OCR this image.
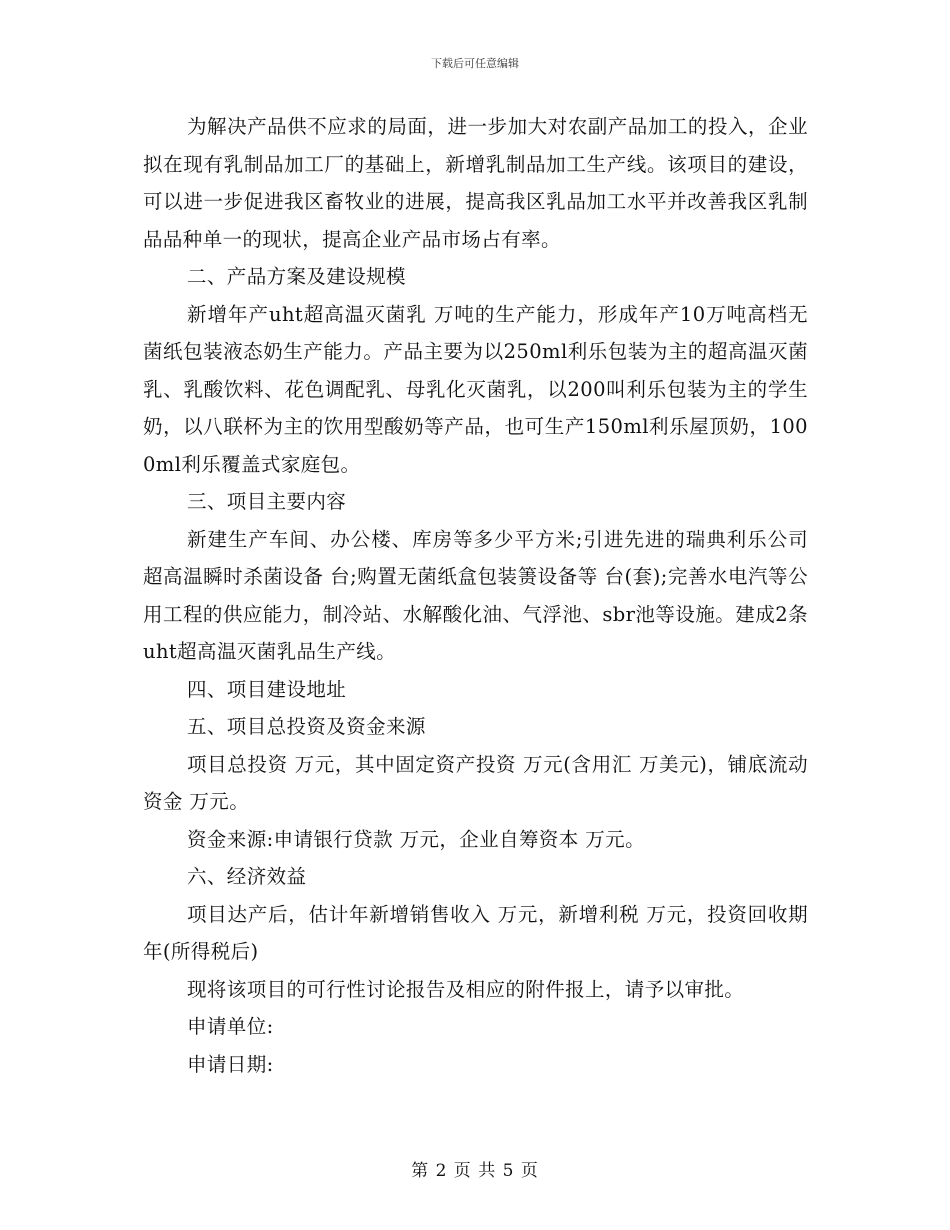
下载后可任意编辑

为解决产品供不应求的局面，进一步加大对农副产品加工的投入，企业拟在现有乳制品加工厂的基础上，新增乳制品加工生产线。该项目的建设，可以进一步促进我区畜牧业的进展，提高我区乳品加工水平并改善我区乳制品品种单一的现状，提高企业产品市场占有率。

二、产品方案及建设规模

新增年产uht超高温灭菌乳 万吨的生产能力，形成年产10万吨高档无菌纸包装液态奶生产能力。产品主要为以250ml利乐包装为主的超高温灭菌乳、乳酸饮料、花色调配乳、母乳化灭菌乳，以200叫利乐包装为主的学生奶，以八联杯为主的饮用型酸奶等产品，也可生产150ml利乐屋顶奶，1000ml利乐覆盖式家庭包。

三、项目主要内容

新建生产车间、办公楼、库房等多少平方米;引进先进的瑞典利乐公司超高温瞬时杀菌设备 台;购置无菌纸盒包装箦设备等 台(套);完善水电汽等公用工程的供应能力，制冷站、水解酸化油、气浮池、sbr池等设施。建成2条uht超高温灭菌乳品生产线。

四、项目建设地址

五、项目总投资及资金来源

项目总投资 万元，其中固定资产投资 万元(含用汇 万美元)，铺底流动资金 万元。

资金来源:申请银行贷款 万元，企业自筹资本 万元。

六、经济效益

项目达产后，估计年新增销售收入 万元，新增利税 万元，投资回收期 年(所得税后)

现将该项目的可行性讨论报告及相应的附件报上，请予以审批。

申请单位:

申请日期:

第 2 页 共 5 页
